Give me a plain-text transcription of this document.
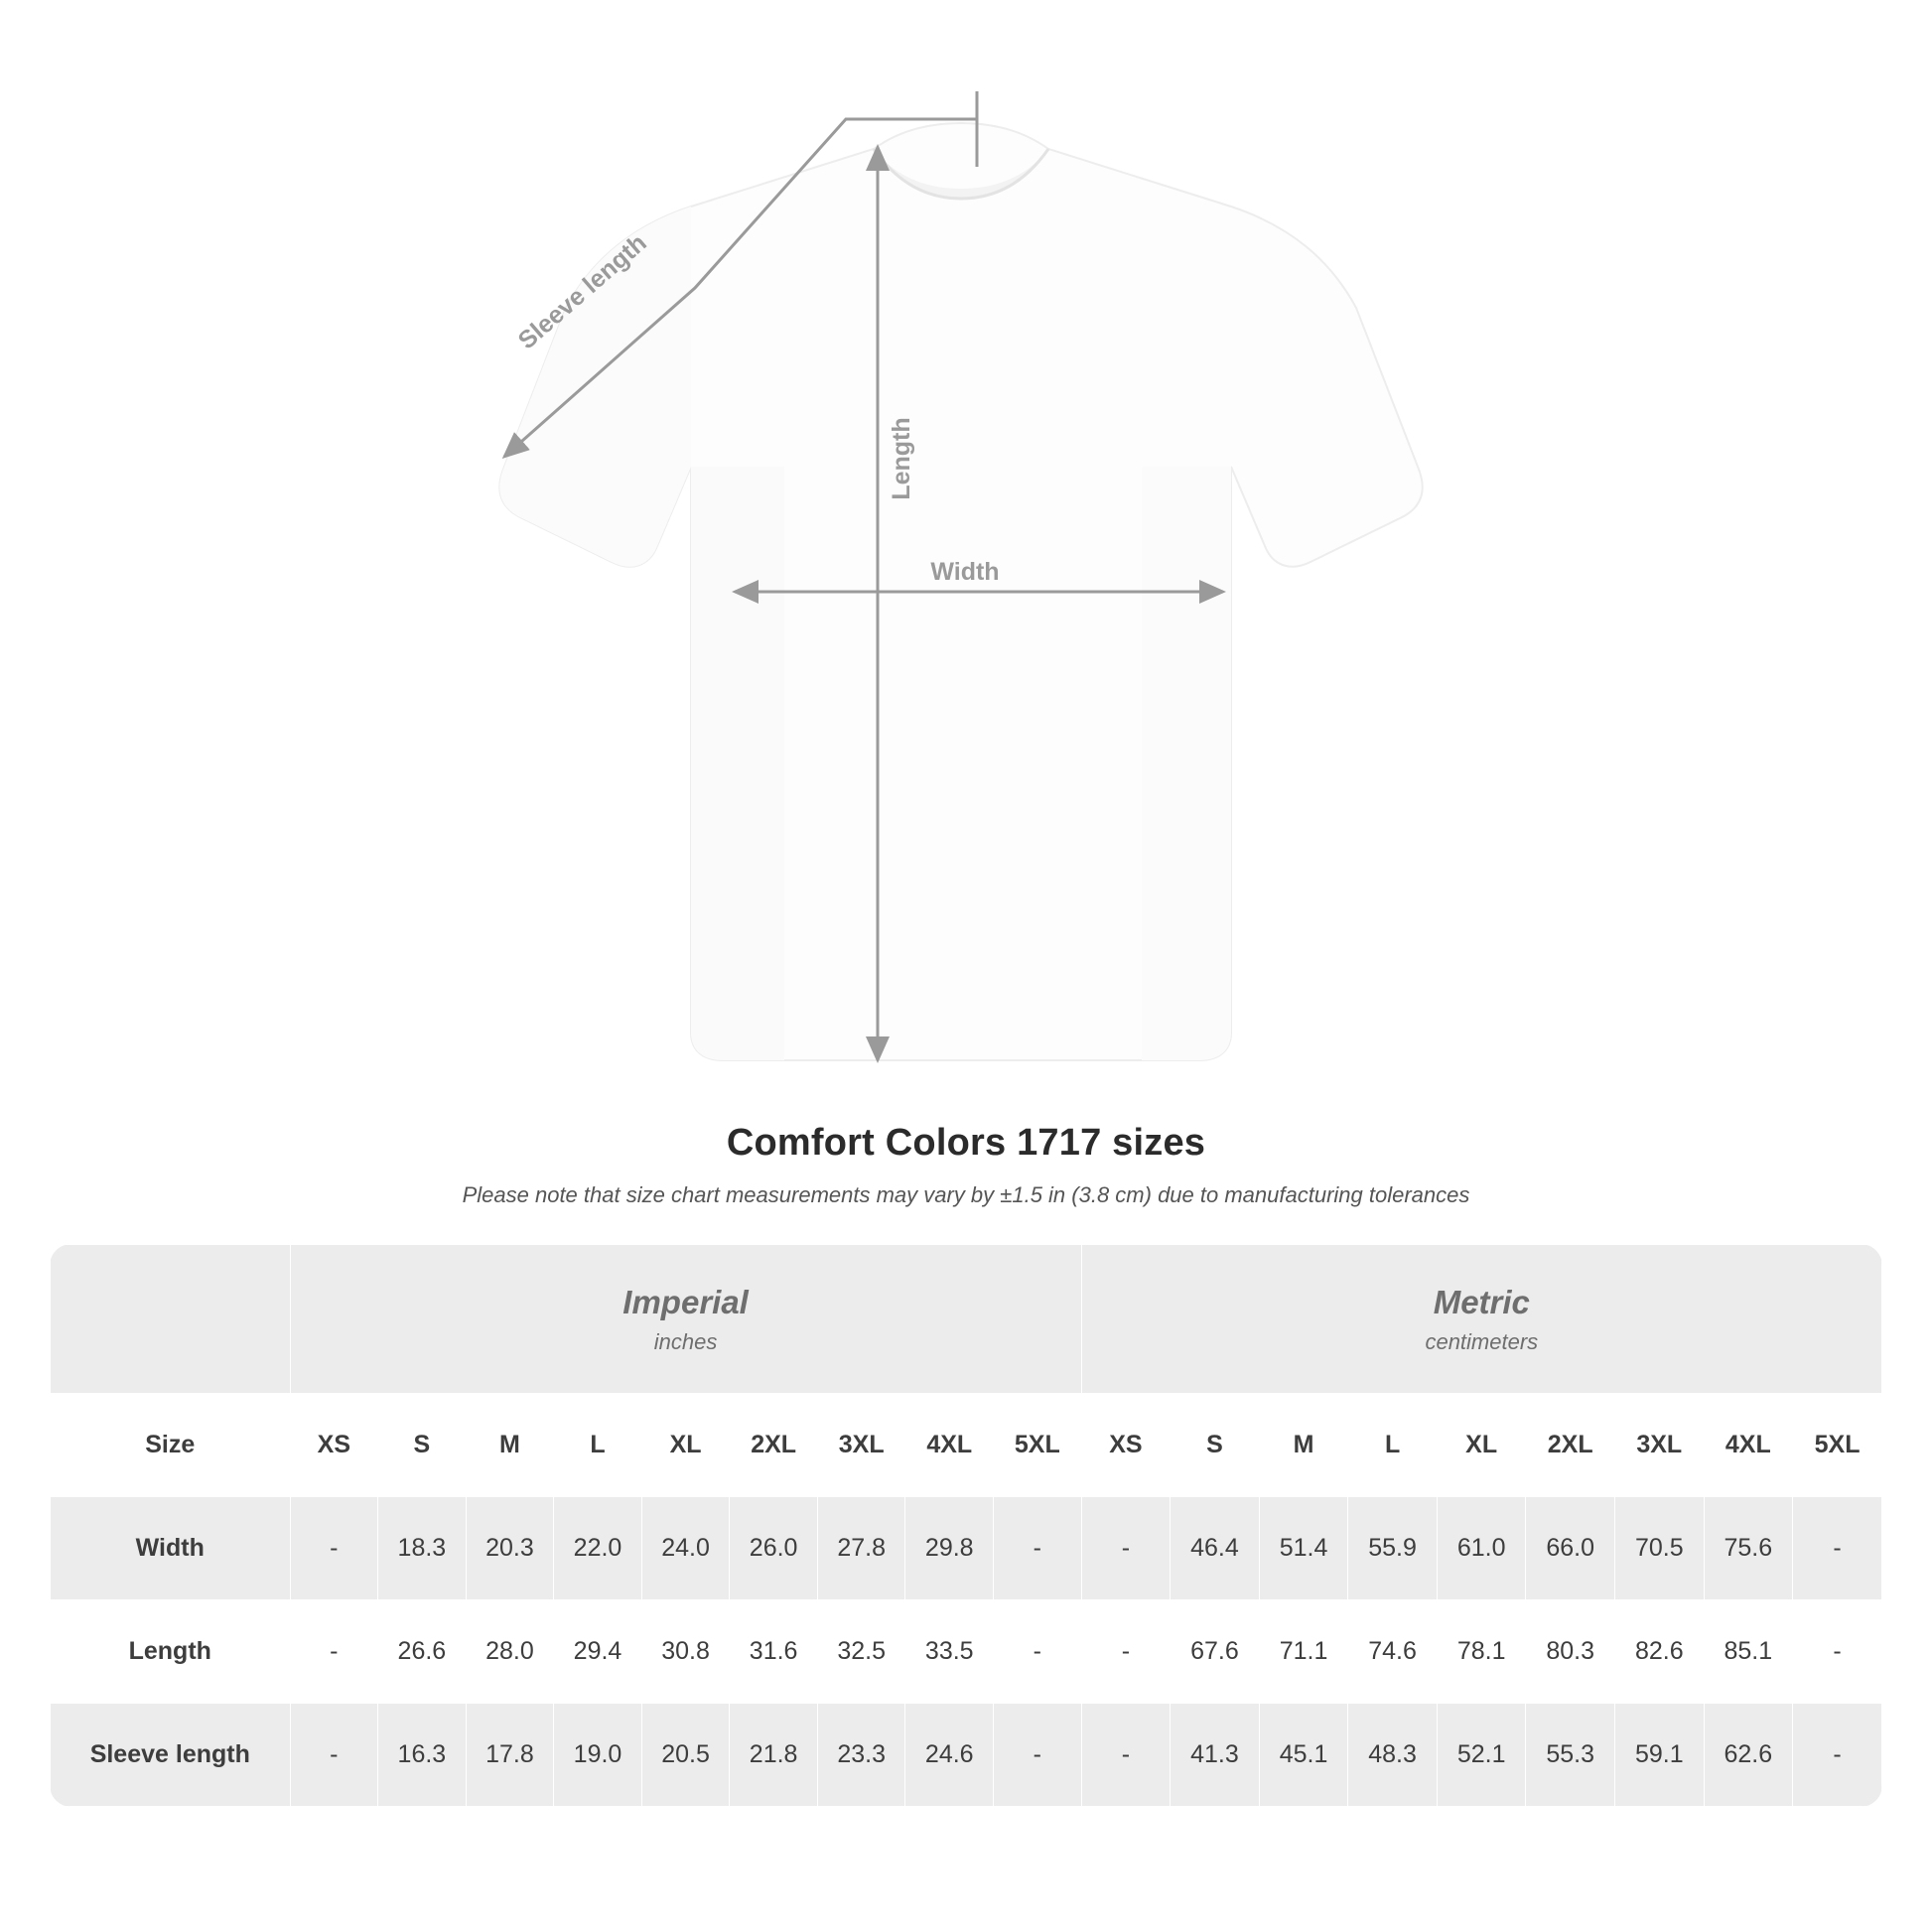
Sleeve length
Length
Width
Comfort Colors 1717 sizes
Please note that size chart measurements may vary by ±1.5 in (3.8 cm) due to manufacturing tolerances

Imperial
inches

Metric
centimeters

Size	XS	S	M	L	XL	2XL	3XL	4XL	5XL	XS	S	M	L	XL	2XL	3XL	4XL	5XL
Width	-	18.3	20.3	22.0	24.0	26.0	27.8	29.8	-	-	46.4	51.4	55.9	61.0	66.0	70.5	75.6	-
Length	-	26.6	28.0	29.4	30.8	31.6	32.5	33.5	-	-	67.6	71.1	74.6	78.1	80.3	82.6	85.1	-
Sleeve length	-	16.3	17.8	19.0	20.5	21.8	23.3	24.6	-	-	41.3	45.1	48.3	52.1	55.3	59.1	62.6	-
